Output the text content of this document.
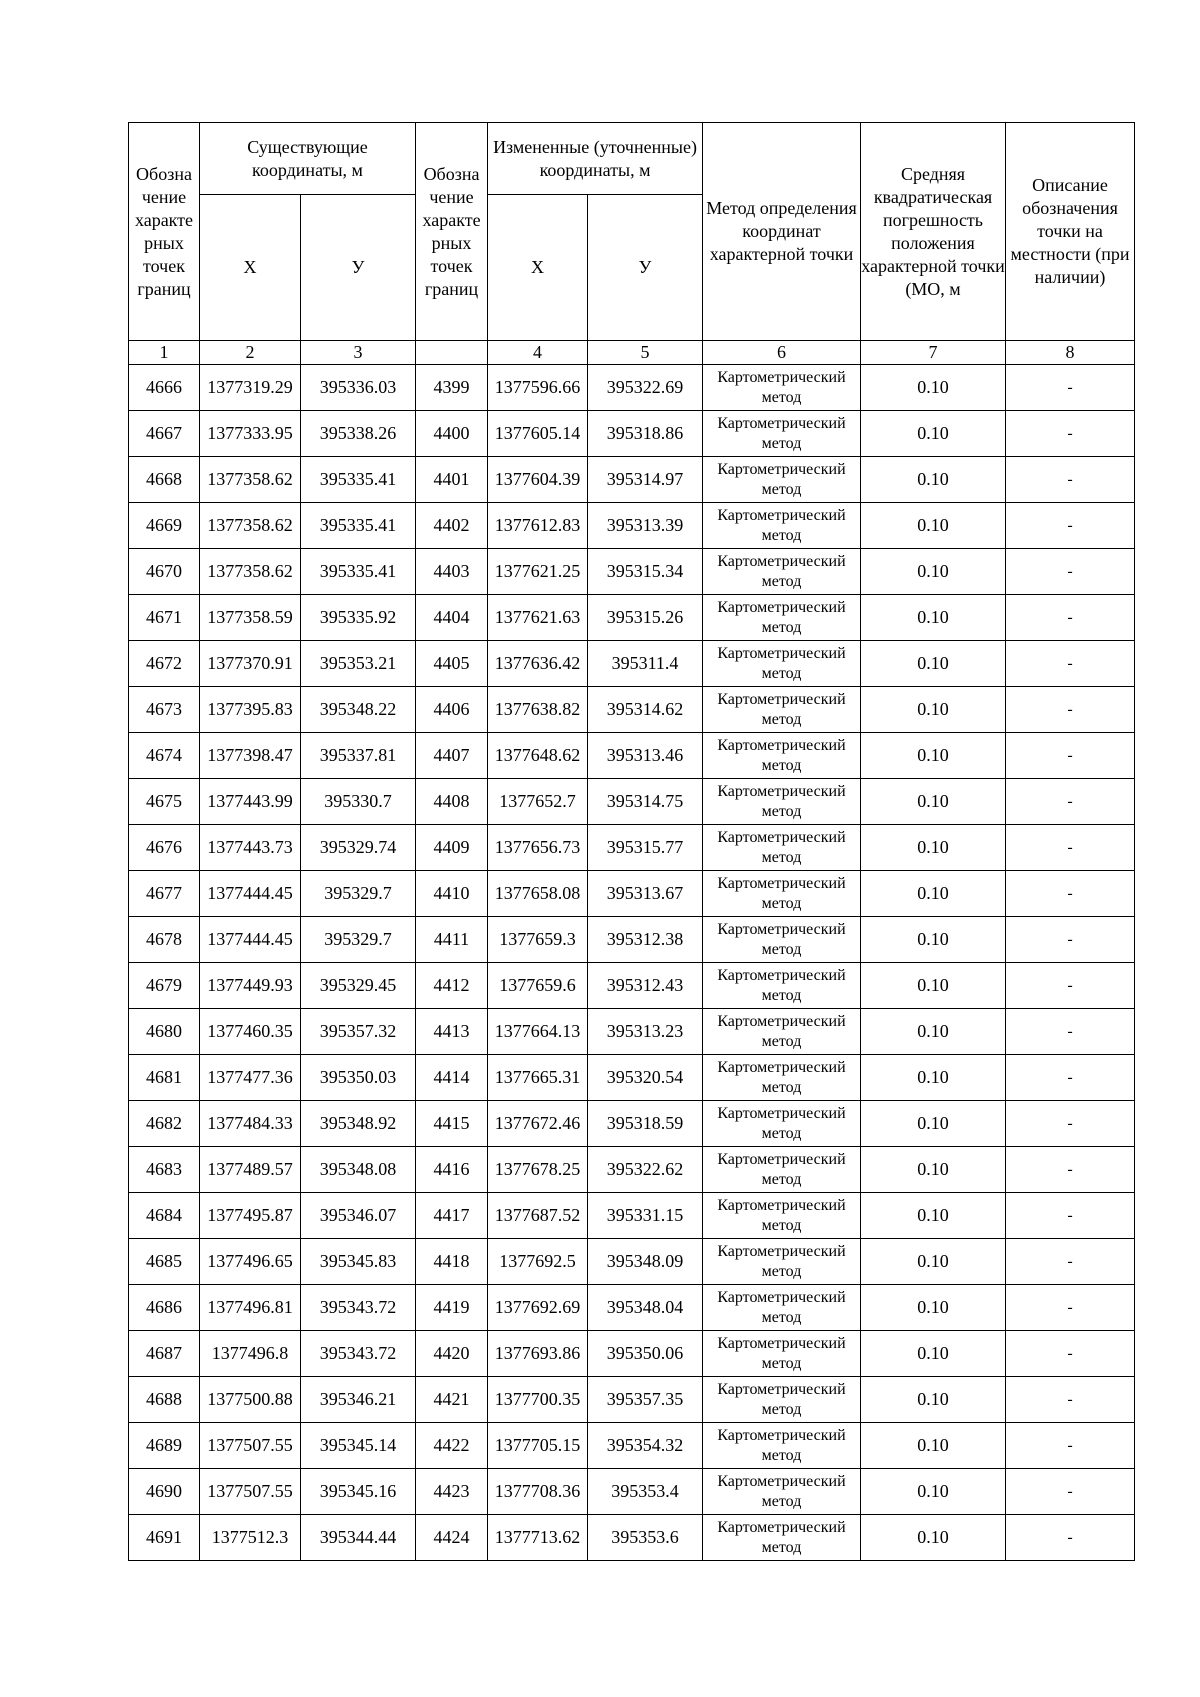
Обозна чение характе рных точек границ	Существующие координаты, м		Обозна чение характе рных точек границ	Измененные (уточненные) координаты, м		Метод определения координат характерной точки	Средняя квадратическая погрешность положения характерной точки (МО, м	Описание обозначения точки на местности (при наличии)
	Х	У		Х	У			
1	2	3		4	5	6	7	8
4666	1377319.29	395336.03	4399	1377596.66	395322.69	Картометрический метод	0.10	-
4667	1377333.95	395338.26	4400	1377605.14	395318.86	Картометрический метод	0.10	-
4668	1377358.62	395335.41	4401	1377604.39	395314.97	Картометрический метод	0.10	-
4669	1377358.62	395335.41	4402	1377612.83	395313.39	Картометрический метод	0.10	-
4670	1377358.62	395335.41	4403	1377621.25	395315.34	Картометрический метод	0.10	-
4671	1377358.59	395335.92	4404	1377621.63	395315.26	Картометрический метод	0.10	-
4672	1377370.91	395353.21	4405	1377636.42	395311.4	Картометрический метод	0.10	-
4673	1377395.83	395348.22	4406	1377638.82	395314.62	Картометрический метод	0.10	-
4674	1377398.47	395337.81	4407	1377648.62	395313.46	Картометрический метод	0.10	-
4675	1377443.99	395330.7	4408	1377652.7	395314.75	Картометрический метод	0.10	-
4676	1377443.73	395329.74	4409	1377656.73	395315.77	Картометрический метод	0.10	-
4677	1377444.45	395329.7	4410	1377658.08	395313.67	Картометрический метод	0.10	-
4678	1377444.45	395329.7	4411	1377659.3	395312.38	Картометрический метод	0.10	-
4679	1377449.93	395329.45	4412	1377659.6	395312.43	Картометрический метод	0.10	-
4680	1377460.35	395357.32	4413	1377664.13	395313.23	Картометрический метод	0.10	-
4681	1377477.36	395350.03	4414	1377665.31	395320.54	Картометрический метод	0.10	-
4682	1377484.33	395348.92	4415	1377672.46	395318.59	Картометрический метод	0.10	-
4683	1377489.57	395348.08	4416	1377678.25	395322.62	Картометрический метод	0.10	-
4684	1377495.87	395346.07	4417	1377687.52	395331.15	Картометрический метод	0.10	-
4685	1377496.65	395345.83	4418	1377692.5	395348.09	Картометрический метод	0.10	-
4686	1377496.81	395343.72	4419	1377692.69	395348.04	Картометрический метод	0.10	-
4687	1377496.8	395343.72	4420	1377693.86	395350.06	Картометрический метод	0.10	-
4688	1377500.88	395346.21	4421	1377700.35	395357.35	Картометрический метод	0.10	-
4689	1377507.55	395345.14	4422	1377705.15	395354.32	Картометрический метод	0.10	-
4690	1377507.55	395345.16	4423	1377708.36	395353.4	Картометрический метод	0.10	-
4691	1377512.3	395344.44	4424	1377713.62	395353.6	Картометрический метод	0.10	-
